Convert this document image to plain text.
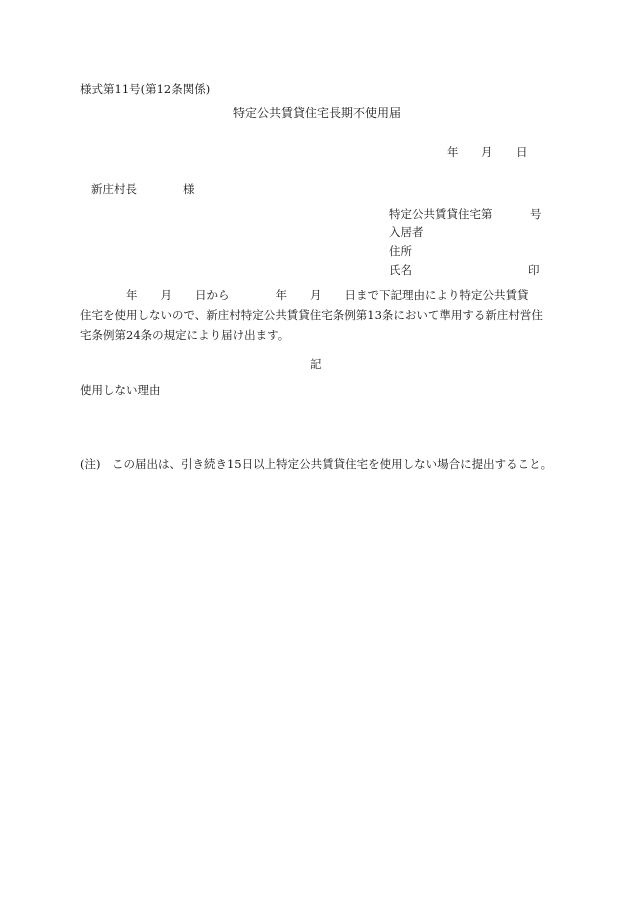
様式第11号(第12条関係)

特定公共賃貸住宅長期不使用届

年 月 日
新庄村長	様
特定公共賃貸住宅第	号
入居者
住所
氏名	印
　　　　年　　月　　日から　　　　年　　月　　日まで下記理由により特定公共賃貸
住宅を使用しないので、新庄村特定公共賃貸住宅条例第13条において準用する新庄村営住
宅条例第24条の規定により届け出ます。

記

使用しない理由

(注)　この届出は、引き続き15日以上特定公共賃貸住宅を使用しない場合に提出すること。
